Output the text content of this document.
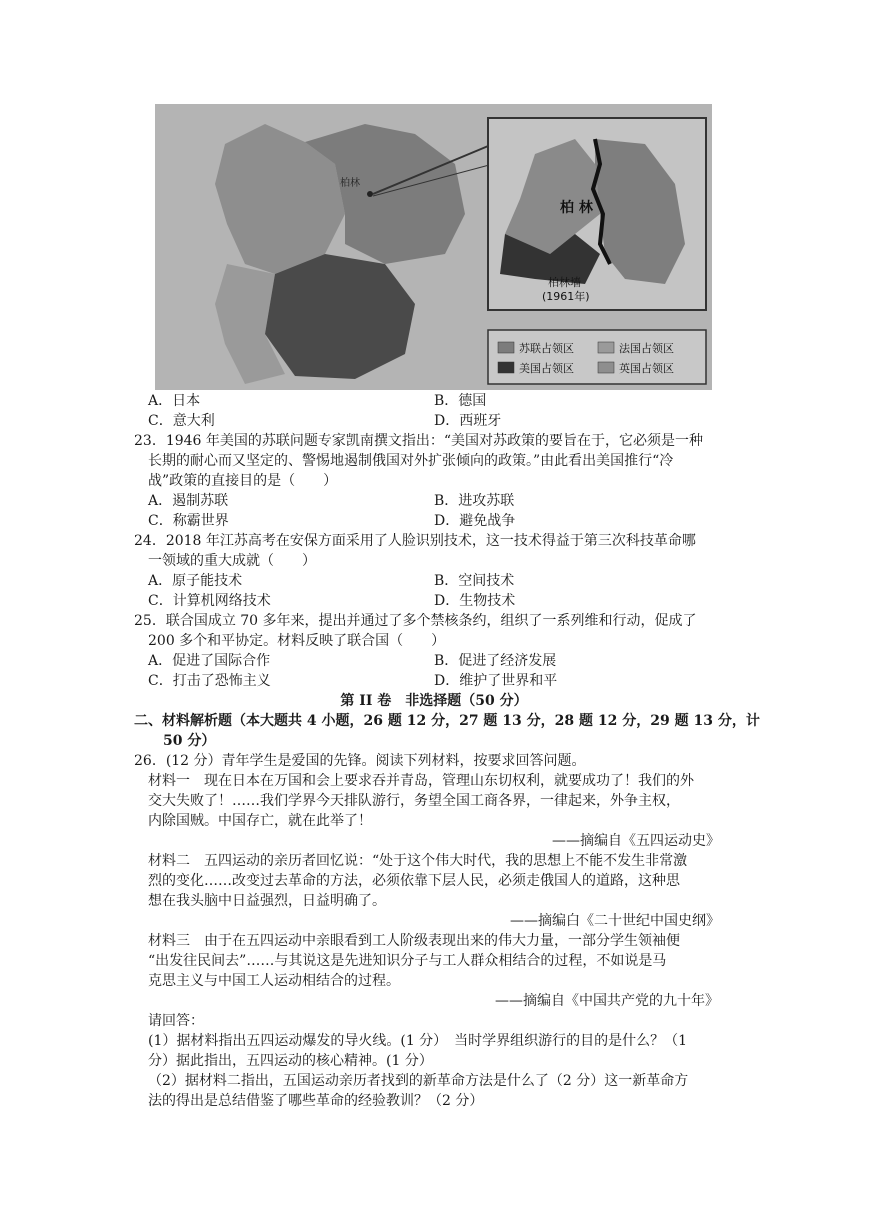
柏林
柏 林
柏林墙
(1961年)
苏联占领区	法国占领区
美国占领区	英国占领区
A．日本	B．德国
C．意大利	D．西班牙
23．1946 年美国的苏联问题专家凯南撰文指出：“美国对苏政策的要旨在于，它必须是一种
长期的耐心而又坚定的、警惕地遏制俄国对外扩张倾向的政策。”由此看出美国推行“冷
战”政策的直接目的是（　　）
A．遏制苏联	B．进攻苏联
C．称霸世界	D．避免战争
24．2018 年江苏高考在安保方面采用了人脸识别技术，这一技术得益于第三次科技革命哪
一领域的重大成就（　　）
A．原子能技术	B．空间技术
C．计算机网络技术	D．生物技术
25．联合国成立 70 多年来，提出并通过了多个禁核条约，组织了一系列维和行动，促成了
200 多个和平协定。材料反映了联合国（　　）
A．促进了国际合作	B．促进了经济发展
C．打击了恐怖主义	D．维护了世界和平
第 II 卷　非选择题（50 分）
二、材料解析题（本大题共 4 小题，26 题 12 分，27 题 13 分，28 题 12 分，29 题 13 分，计
50 分）
26．(12 分）青年学生是爱国的先锋。阅读下列材料，按要求回答问题。
材料一　现在日本在万国和会上要求吞并青岛，管理山东切权利，就要成功了！我们的外
交大失败了！……我们学界今天排队游行，务望全国工商各界，一律起来，外争主权，
内除国贼。中国存亡，就在此举了！
——摘编自《五四运动史》
材料二　五四运动的亲历者回忆说：“处于这个伟大时代，我的思想上不能不发生非常激
烈的变化……改变过去革命的方法，必须依靠下层人民，必须走俄国人的道路，这种思
想在我头脑中日益强烈，日益明确了。
——摘编白《二十世纪中国史纲》
材料三　由于在五四运动中亲眼看到工人阶级表现出来的伟大力量，一部分学生领袖便
“出发往民间去”……与其说这是先进知识分子与工人群众相结合的过程，不如说是马
克思主义与中国工人运动相结合的过程。
——摘编自《中国共产党的九十年》
请回答：
(1）据材料指出五四运动爆发的导火线。(1 分）　当时学界组织游行的目的是什么？（1
分）据此指出，五四运动的核心精神。(1 分）
（2）据材料二指出，五国运动亲历者找到的新革命方法是什么了（2 分）这一新革命方
法的得出是总结借鉴了哪些革命的经验教训？（2 分）
